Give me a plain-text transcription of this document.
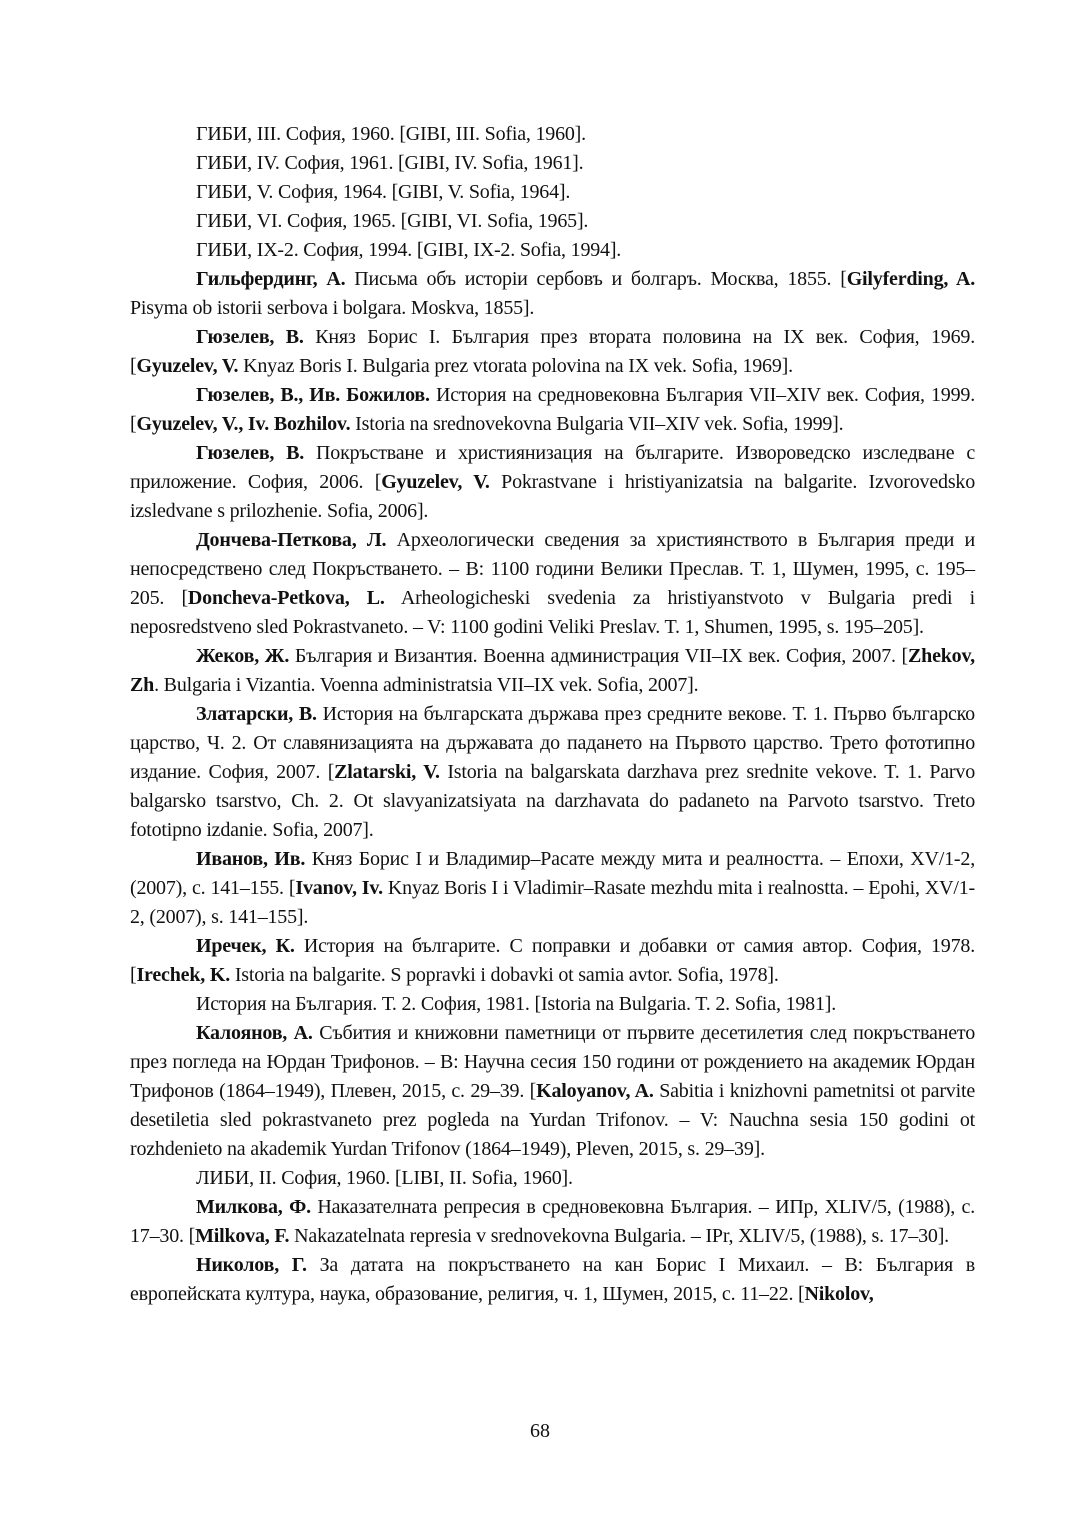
ГИБИ, III. София, 1960. [GIBI, III. Sofia, 1960].

ГИБИ, IV. София, 1961. [GIBI, IV. Sofia, 1961].

ГИБИ, V. София, 1964. [GIBI, V. Sofia, 1964].

ГИБИ, VI. София, 1965. [GIBI, VI. Sofia, 1965].

ГИБИ, IX-2. София, 1994. [GIBI, IX-2. Sofia, 1994].

Гильфердинг, А. Письма объ исторіи сербовъ и болгаръ. Москва, 1855. [Gilyferding, A. Pisyma ob istorii serbova i bolgara. Moskva, 1855].

Гюзелев, В. Княз Борис I. България през втората половина на IX век. София, 1969. [Gyuzelev, V. Knyaz Boris I. Bulgaria prez vtorata polovina na IX vek. Sofia, 1969].

Гюзелев, В., Ив. Божилов. История на средновековна България VII–XIV век. София, 1999. [Gyuzelev, V., Iv. Bozhilov. Istoria na srednovekovna Bulgaria VII–XIV vek. Sofia, 1999].

Гюзелев, В. Покръстване и християнизация на българите. Извороведско изследване с приложение. София, 2006. [Gyuzelev, V. Pokrastvane i hristiyanizatsia na balgarite. Izvorovedsko izsledvane s prilozhenie. Sofia, 2006].

Дончева-Петкова, Л. Археологически сведения за християнството в България преди и непосредствено след Покръстването. – В: 1100 години Велики Преслав. Т. 1, Шумен, 1995, с. 195–205. [Doncheva-Petkova, L. Arheologicheski svedenia za hristiyanstvoto v Bulgaria predi i neposredstveno sled Pokrastvaneto. – V: 1100 godini Veliki Preslav. T. 1, Shumen, 1995, s. 195–205].

Жеков, Ж. България и Византия. Военна администрация VII–IX век. София, 2007. [Zhekov, Zh. Bulgaria i Vizantia. Voenna administratsia VII–IX vek. Sofia, 2007].

Златарски, В. История на българската държава през средните векове. Т. 1. Първо българско царство, Ч. 2. От славянизацията на държавата до падането на Първото царство. Трето фототипно издание. София, 2007. [Zlatarski, V. Istoria na balgarskata darzhava prez srednite vekove. T. 1. Parvo balgarsko tsarstvo, Ch. 2. Ot slavyanizatsiyata na darzhavata do padaneto na Parvoto tsarstvo. Treto fototipno izdanie. Sofia, 2007].

Иванов, Ив. Княз Борис I и Владимир–Расате между мита и реалността. – Епохи, XV/1-2, (2007), с. 141–155. [Ivanov, Iv. Knyaz Boris I i Vladimir–Rasate mezhdu mita i realnostta. – Epohi, XV/1-2, (2007), s. 141–155].

Иречек, К. История на българите. С поправки и добавки от самия автор. София, 1978. [Irechek, K. Istoria na balgarite. S popravki i dobavki ot samia avtor. Sofia, 1978].

История на България. Т. 2. София, 1981. [Istoria na Bulgaria. T. 2. Sofia, 1981].

Калоянов, А. Събития и книжовни паметници от първите десетилетия след покръстването през погледа на Юрдан Трифонов. – В: Научна сесия 150 години от рождението на академик Юрдан Трифонов (1864–1949), Плевен, 2015, с. 29–39. [Kaloyanov, A. Sabitia i knizhovni pametnitsi ot parvite desetiletia sled pokrastvaneto prez pogleda na Yurdan Trifonov. – V: Nauchna sesia 150 godini ot rozhdenieto na akademik Yurdan Trifonov (1864–1949), Pleven, 2015, s. 29–39].

ЛИБИ, II. София, 1960. [LIBI, II. Sofia, 1960].

Милкова, Ф. Наказателната репресия в средновековна България. – ИПр, XLIV/5, (1988), с. 17–30. [Milkova, F. Nakazatelnata represia v srednovekovna Bulgaria. – IPr, XLIV/5, (1988), s. 17–30].

Николов, Г. За датата на покръстването на кан Борис I Михаил. – В: България в европейската култура, наука, образование, религия, ч. 1, Шумен, 2015, с. 11–22. [Nikolov,

68
